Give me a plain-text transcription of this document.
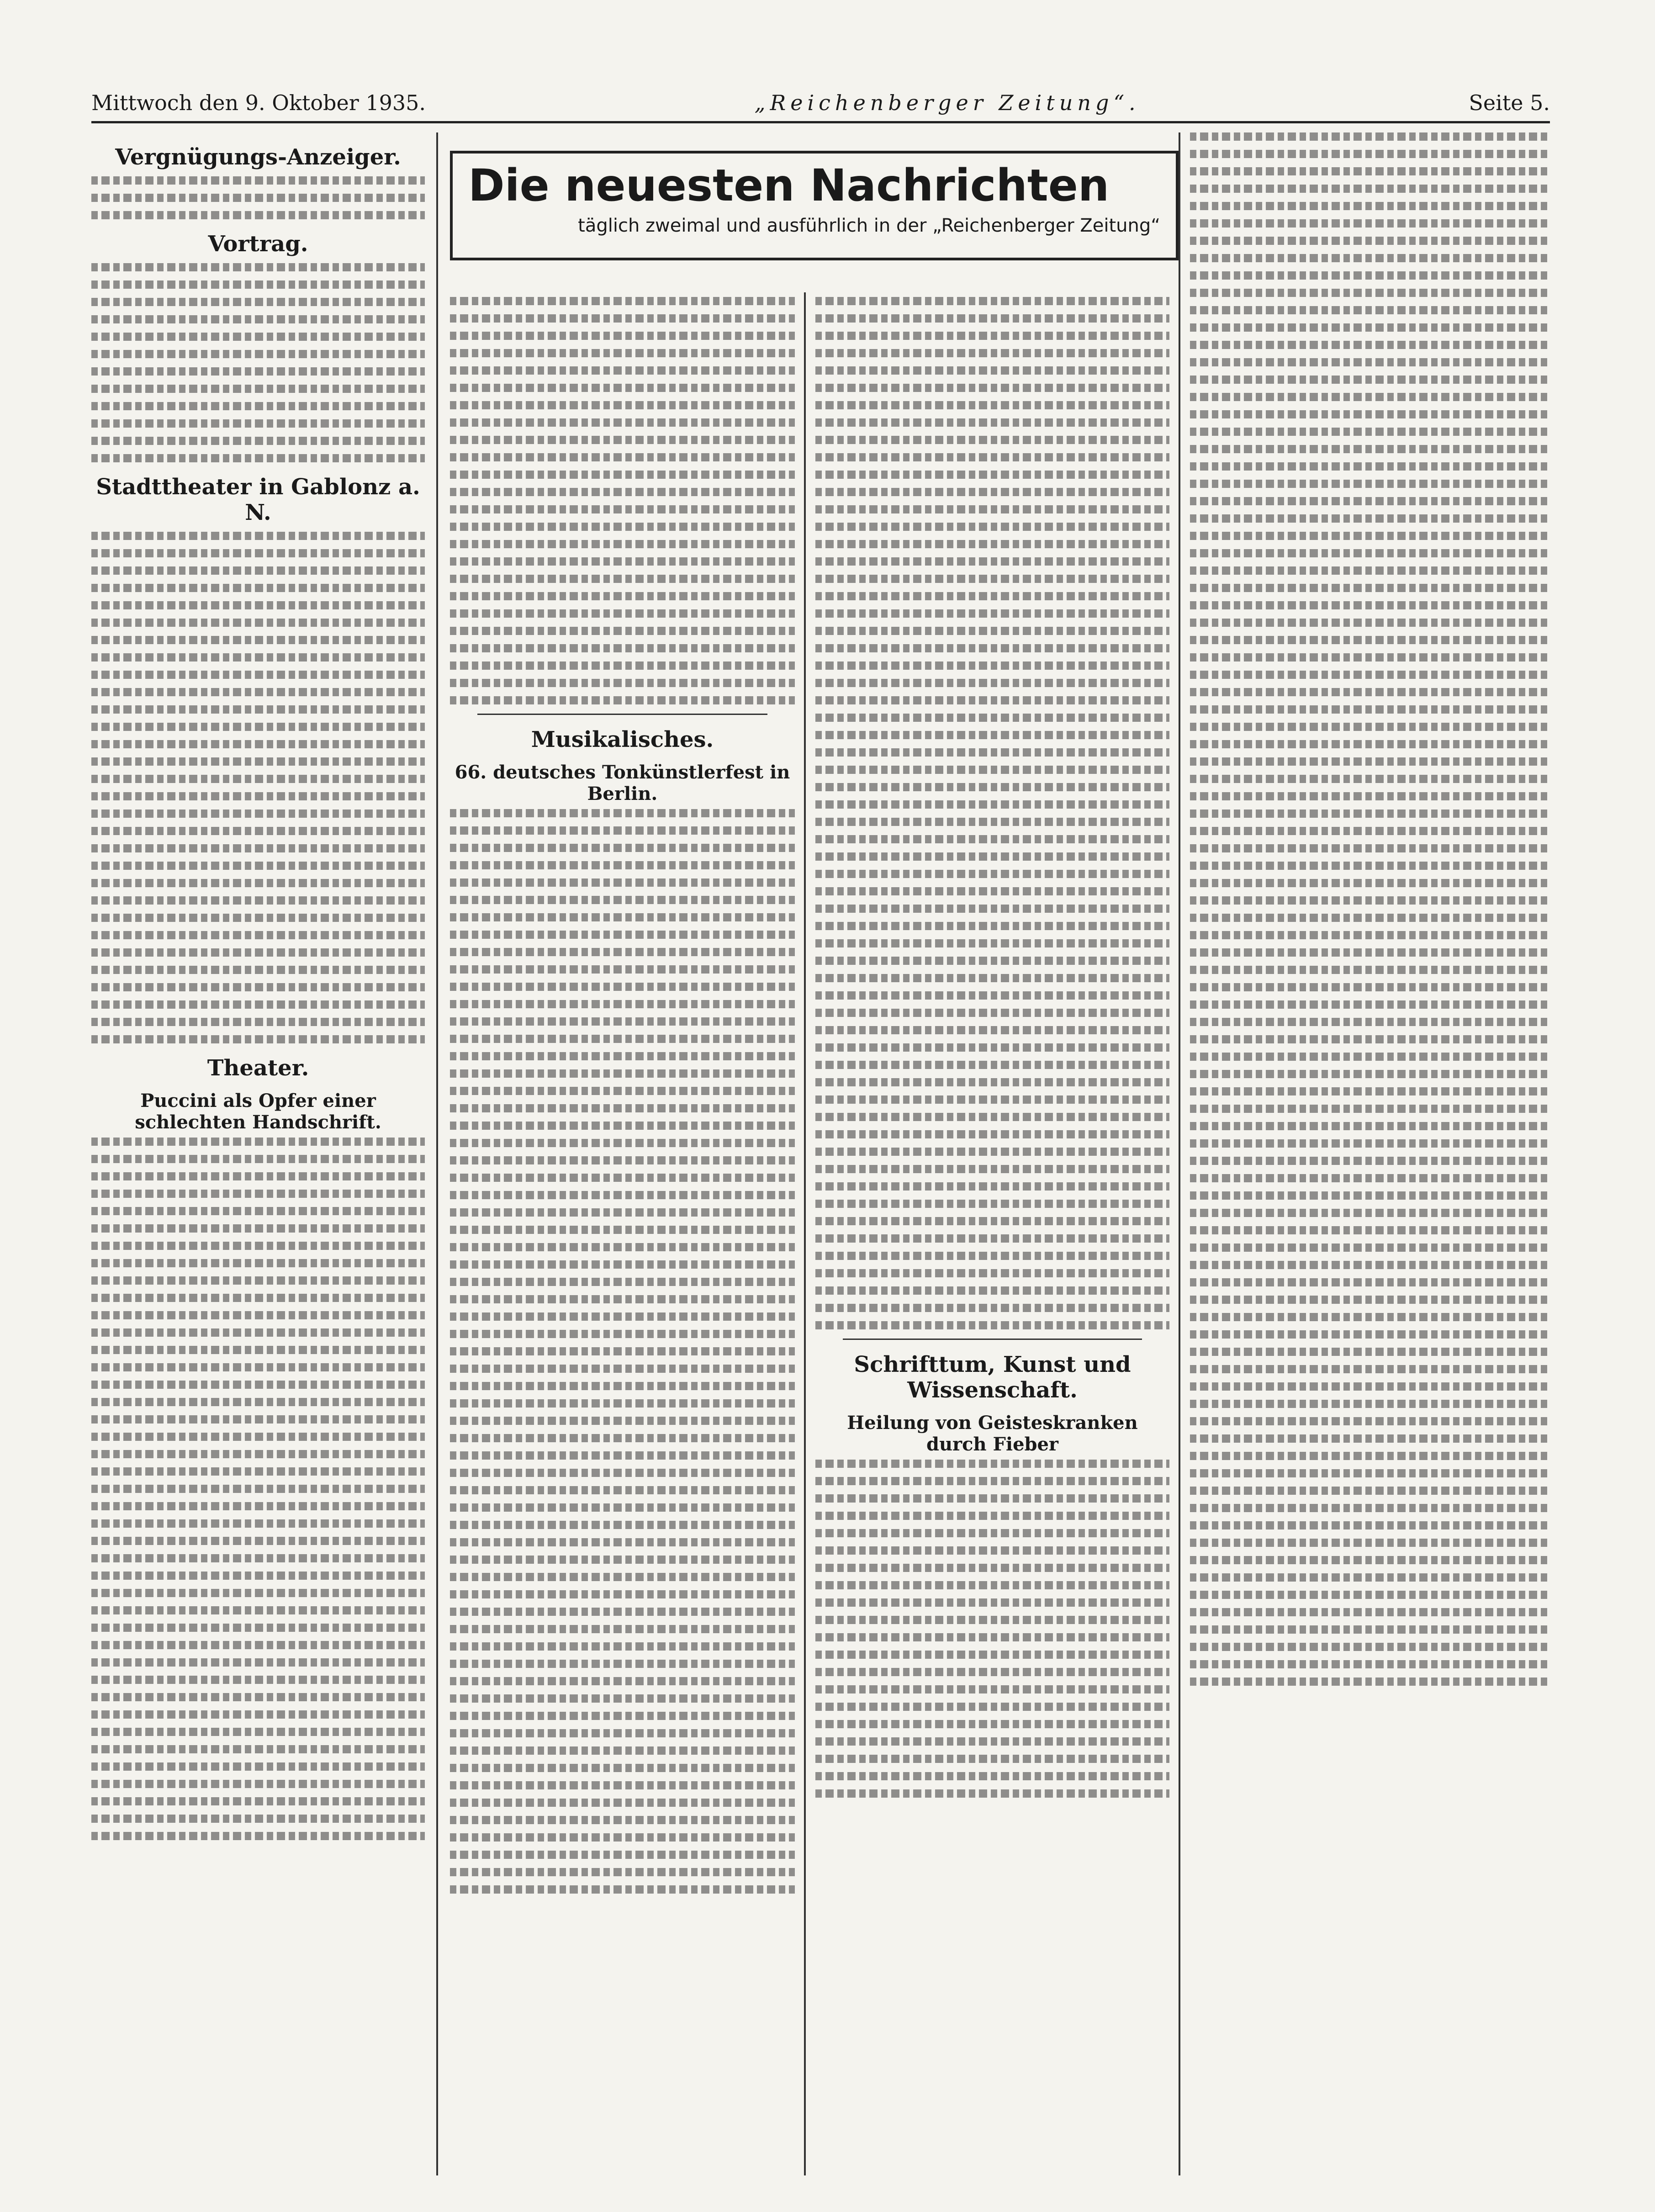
Mittwoch den 9. Oktober 1935.	„Reichenberger Zeitung“.	Seite 5.
Die neuesten Nachrichten
täglich zweimal und ausführlich in der „Reichenberger Zeitung“
Vergnügungs-Anzeiger.
Vortrag.
Stadttheater in Gablonz a. N.
Theater.
Puccini als Opfer einer schlechten Handschrift.
Musikalisches.
66. deutsches Tonkünstlerfest in Berlin.
Schrifttum, Kunst und Wissenschaft.
Heilung von Geisteskranken durch Fieber
